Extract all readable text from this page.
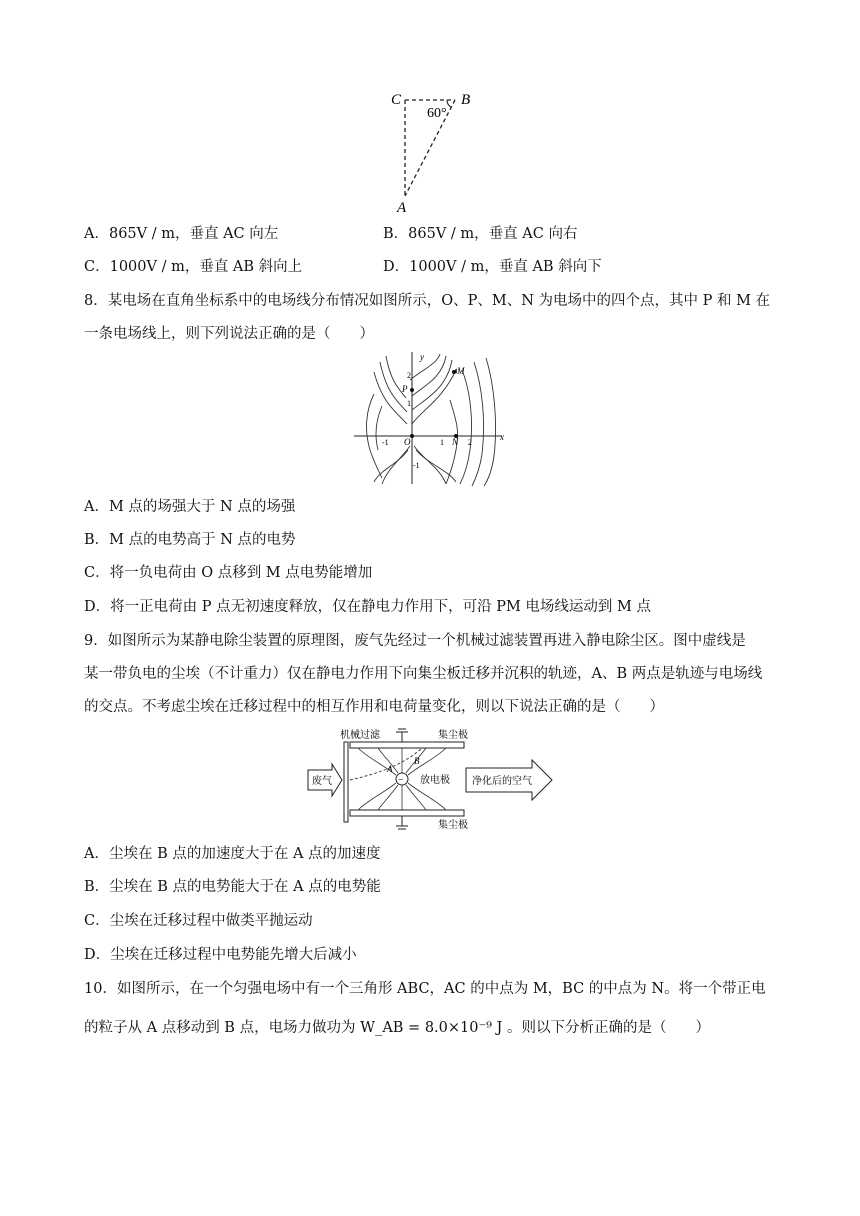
C	B
A
60°
A．865V / m，垂直 AC 向左	B．865V / m，垂直 AC 向右
C．1000V / m，垂直 AB 斜向上	D．1000V / m，垂直 AB 斜向下
8．某电场在直角坐标系中的电场线分布情况如图所示，O、P、M、N 为电场中的四个点，其中 P 和 M 在
一条电场线上，则下列说法正确的是（　　）
y
x
O
P
M
N
2
1
-1
1	2
-1
A．M 点的场强大于 N 点的场强
B．M 点的电势高于 N 点的电势
C．将一负电荷由 O 点移到 M 点电势能增加
D．将一正电荷由 P 点无初速度释放，仅在静电力作用下，可沿 PM 电场线运动到 M 点
9．如图所示为某静电除尘装置的原理图，废气先经过一个机械过滤装置再进入静电除尘区。图中虚线是
某一带负电的尘埃（不计重力）仅在静电力作用下向集尘板迁移并沉积的轨迹，A、B 两点是轨迹与电场线
的交点。不考虑尘埃在迁移过程中的相互作用和电荷量变化，则以下说法正确的是（　　）
废气
机械过滤	集尘极
集尘极
− 放电极
A
B
净化后的空气
A．尘埃在 B 点的加速度大于在 A 点的加速度
B．尘埃在 B 点的电势能大于在 A 点的电势能
C．尘埃在迁移过程中做类平抛运动
D．尘埃在迁移过程中电势能先增大后减小
10．如图所示，在一个匀强电场中有一个三角形 ABC，AC 的中点为 M，BC 的中点为 N。将一个带正电
的粒子从 A 点移动到 B 点，电场力做功为 W_AB = 8.0×10⁻⁹ J 。则以下分析正确的是（　　）
